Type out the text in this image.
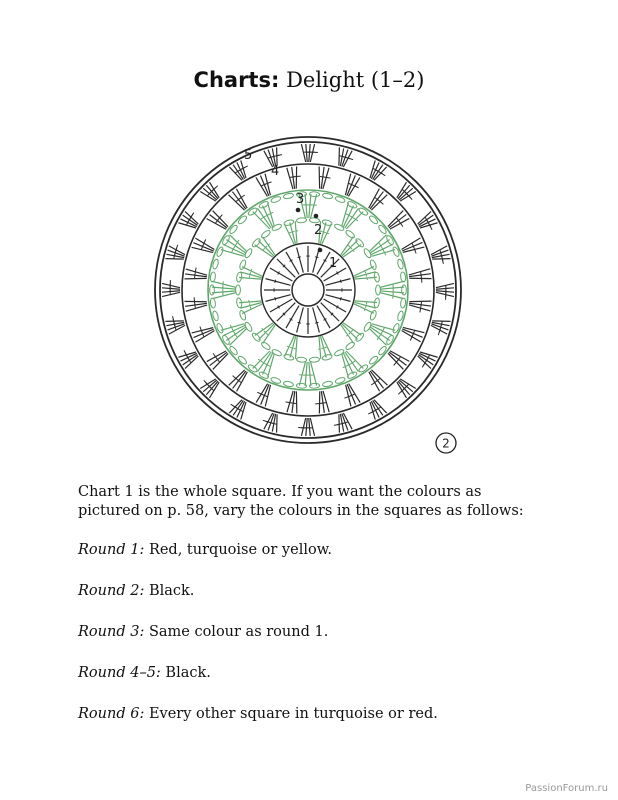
Charts: Delight (1–2)
1
2
3
4
5
2

Chart 1 is the whole square. If you want the colours as pictured on p. 58, vary the colours in the squares as follows:

Round 1: Red, turquoise or yellow.

Round 2: Black.

Round 3: Same colour as round 1.

Round 4–5: Black.

Round 6: Every other square in turquoise or red.

PassionForum.ru
